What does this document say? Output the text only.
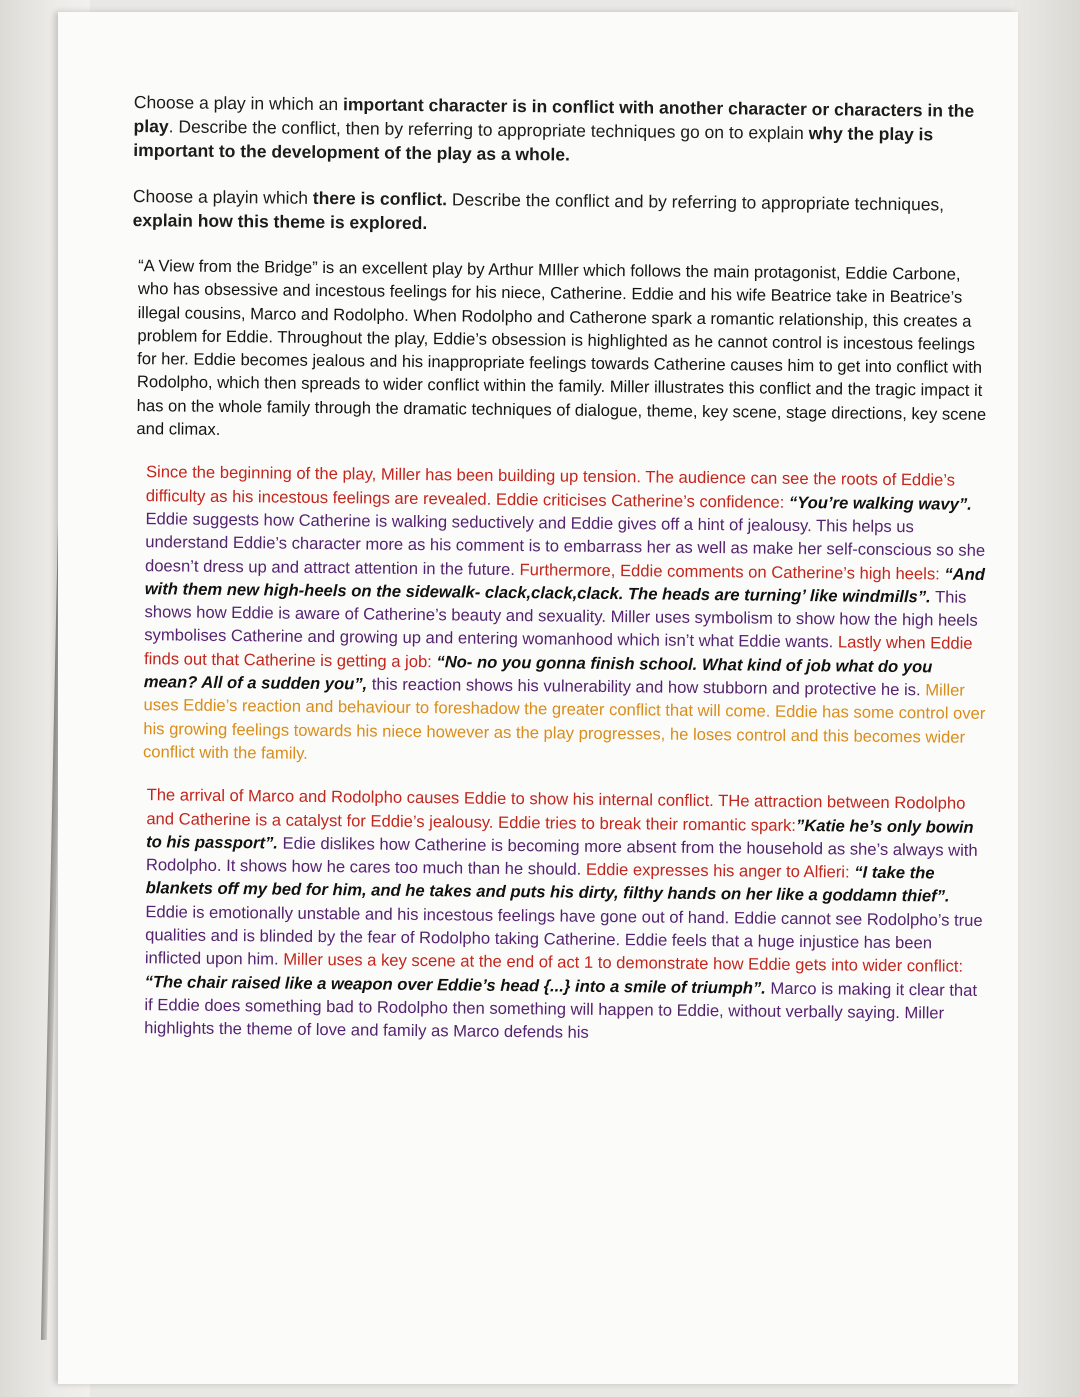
Choose a play in which an important character is in conflict with another character or characters in the play. Describe the conflict, then by referring to appropriate techniques go on to explain why the play is important to the development of the play as a whole.

Choose a playin which there is conflict. Describe the conflict and by referring to appropriate techniques, explain how this theme is explored.

“A View from the Bridge” is an excellent play by Arthur MIller which follows the main protagonist, Eddie Carbone, who has obsessive and incestous feelings for his niece, Catherine. Eddie and his wife Beatrice take in Beatrice’s illegal cousins, Marco and Rodolpho. When Rodolpho and Catherone spark a romantic relationship, this creates a problem for Eddie. Throughout the play, Eddie’s obsession is highlighted as he cannot control is incestous feelings for her. Eddie becomes jealous and his inappropriate feelings towards Catherine causes him to get into conflict with Rodolpho, which then spreads to wider conflict within the family. Miller illustrates this conflict and the tragic impact it has on the whole family through the dramatic techniques of dialogue, theme, key scene, stage directions, key scene and climax.

Since the beginning of the play, Miller has been building up tension. The audience can see the roots of Eddie’s difficulty as his incestous feelings are revealed. Eddie criticises Catherine’s confidence: “You’re walking wavy”. Eddie suggests how Catherine is walking seductively and Eddie gives off a hint of jealousy. This helps us understand Eddie’s character more as his comment is to embarrass her as well as make her self-conscious so she doesn’t dress up and attract attention in the future. Furthermore, Eddie comments on Catherine’s high heels: “And with them new high-heels on the sidewalk- clack,clack,clack. The heads are turning’ like windmills”. This shows how Eddie is aware of Catherine’s beauty and sexuality. Miller uses symbolism to show how the high heels symbolises Catherine and growing up and entering womanhood which isn’t what Eddie wants. Lastly when Eddie finds out that Catherine is getting a job: “No- no you gonna finish school. What kind of job what do you mean? All of a sudden you”, this reaction shows his vulnerability and how stubborn and protective he is. Miller uses Eddie’s reaction and behaviour to foreshadow the greater conflict that will come. Eddie has some control over his growing feelings towards his niece however as the play progresses, he loses control and this becomes wider conflict with the family.

The arrival of Marco and Rodolpho causes Eddie to show his internal conflict. THe attraction between Rodolpho and Catherine is a catalyst for Eddie’s jealousy. Eddie tries to break their romantic spark:”Katie he’s only bowin to his passport”. Edie dislikes how Catherine is becoming more absent from the household as she’s always with Rodolpho. It shows how he cares too much than he should. Eddie expresses his anger to Alfieri: “I take the blankets off my bed for him, and he takes and puts his dirty, filthy hands on her like a goddamn thief”. Eddie is emotionally unstable and his incestous feelings have gone out of hand. Eddie cannot see Rodolpho’s true qualities and is blinded by the fear of Rodolpho taking Catherine. Eddie feels that a huge injustice has been inflicted upon him. Miller uses a key scene at the end of act 1 to demonstrate how Eddie gets into wider conflict: “The chair raised like a weapon over Eddie’s head {...} into a smile of triumph”. Marco is making it clear that if Eddie does something bad to Rodolpho then something will happen to Eddie, without verbally saying. Miller highlights the theme of love and family as Marco defends his
